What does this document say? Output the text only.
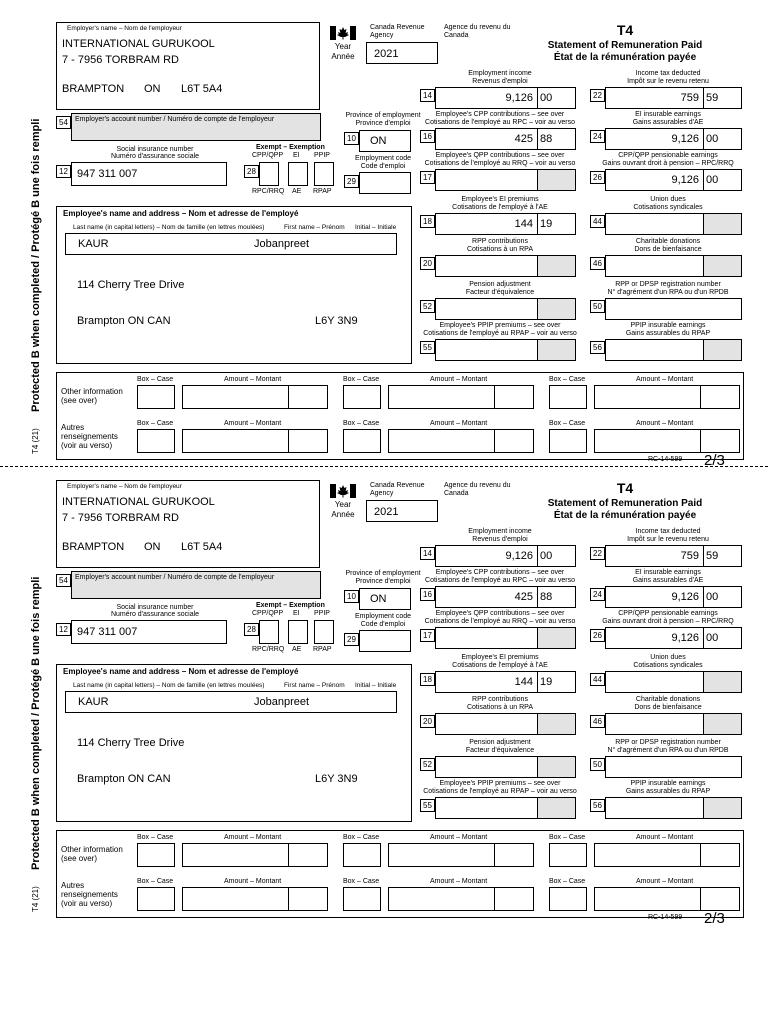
Protected B when completed / Protégé B une fois rempli
T4 (21)
Employer's name – Nom de l'employeur
INTERNATIONAL GURUKOOL
7 - 7956 TORBRAM RD
BRAMPTON ON L6T 5A4
Year
Année	2021
Canada Revenue Agency
Agence du revenu du Canada	T4
Statement of Remuneration Paid
État de la rémunération payée
54	Employer's account number / Numéro de compte de l'employeur
Social insurance number
Numéro d'assurance sociale
12 947 311 007
Exempt – Exemption
CPP/QPP EI PPIP
28
RPC/RRQ AE RPAP
Province of employment
Province d'emploi
10	ON
Employment code
Code d'emploi
29
Employee's name and address – Nom et adresse de l'employé
Last name (in capital letters) – Nom de famille (en lettres moulées)	First name – Prénom Initial – Initiale
KAUR	Jobanpreet
114 Cherry Tree Drive
Brampton ON CAN	L6Y 3N9
Employment income
Revenus d'emploi
14	9,126 00
Income tax deducted
Impôt sur le revenu retenu
22	759 59
Employee's CPP contributions – see over
Cotisations de l'employé au RPC – voir au verso
16	425 88
EI insurable earnings
Gains assurables d'AE
24	9,126 00
Employee's QPP contributions – see over
Cotisations de l'employé au RRQ – voir au verso
17
CPP/QPP pensionable earnings
Gains ouvrant droit à pension – RPC/RRQ
26	9,126 00
Employee's EI premiums
Cotisations de l'employé à l'AE
18	144 19
Union dues
Cotisations syndicales
44
RPP contributions
Cotisations à un RPA
20
Charitable donations
Dons de bienfaisance
46
Pension adjustment
Facteur d'équivalence
52
RPP or DPSP registration number
N° d'agrément d'un RPA ou d'un RPDB
50
Employee's PPIP premiums – see over
Cotisations de l'employé au RPAP – voir au verso
55
PPIP insurable earnings
Gains assurables du RPAP
56
Other information
(see over)
Autres
renseignements
(voir au verso)
Box – Case	Amount – Montant	Box – Case	Amount – Montant	Box – Case	Amount – Montant
Box – Case	Amount – Montant	Box – Case	Amount – Montant	Box – Case	Amount – Montant
RC-14-599 2/3
Protected B when completed / Protégé B une fois rempli
T4 (21)
Employer's name – Nom de l'employeur
INTERNATIONAL GURUKOOL
7 - 7956 TORBRAM RD
BRAMPTON ON L6T 5A4
Year
Année	2021
Canada Revenue Agency
Agence du revenu du Canada	T4
Statement of Remuneration Paid
État de la rémunération payée
54	Employer's account number / Numéro de compte de l'employeur
Social insurance number
Numéro d'assurance sociale
12 947 311 007
Exempt – Exemption
CPP/QPP EI PPIP
28
RPC/RRQ AE RPAP
Province of employment
Province d'emploi
10	ON
Employment code
Code d'emploi
29
Employee's name and address – Nom et adresse de l'employé
Last name (in capital letters) – Nom de famille (en lettres moulées)	First name – Prénom Initial – Initiale
KAUR	Jobanpreet
114 Cherry Tree Drive
Brampton ON CAN	L6Y 3N9
Employment income
Revenus d'emploi
14	9,126 00
Income tax deducted
Impôt sur le revenu retenu
22	759 59
Employee's CPP contributions – see over
Cotisations de l'employé au RPC – voir au verso
16	425 88
EI insurable earnings
Gains assurables d'AE
24	9,126 00
Employee's QPP contributions – see over
Cotisations de l'employé au RRQ – voir au verso
17
CPP/QPP pensionable earnings
Gains ouvrant droit à pension – RPC/RRQ
26	9,126 00
Employee's EI premiums
Cotisations de l'employé à l'AE
18	144 19
Union dues
Cotisations syndicales
44
RPP contributions
Cotisations à un RPA
20
Charitable donations
Dons de bienfaisance
46
Pension adjustment
Facteur d'équivalence
52
RPP or DPSP registration number
N° d'agrément d'un RPA ou d'un RPDB
50
Employee's PPIP premiums – see over
Cotisations de l'employé au RPAP – voir au verso
55
PPIP insurable earnings
Gains assurables du RPAP
56
Other information
(see over)
Autres
renseignements
(voir au verso)
Box – Case	Amount – Montant	Box – Case	Amount – Montant	Box – Case	Amount – Montant
Box – Case	Amount – Montant	Box – Case	Amount – Montant	Box – Case	Amount – Montant
RC-14-599 2/3
